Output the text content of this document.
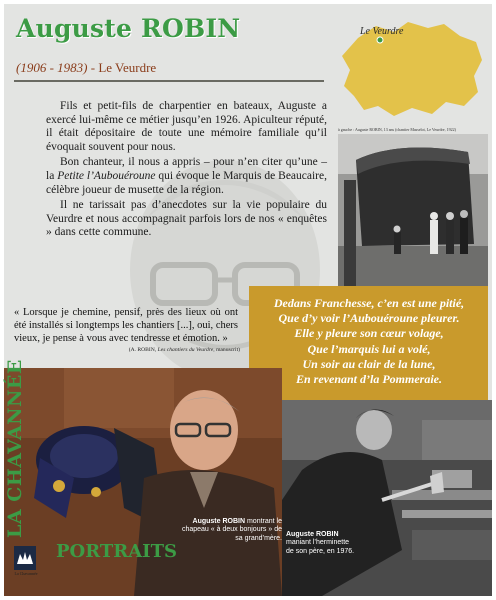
Auguste ROBIN
(1906 - 1983) - Le Veurdre
Le Veurdre

Fils et petit-fils de charpentier en bateaux, Auguste a exercé lui-même ce métier jusqu’en 1926. Apiculteur réputé, il était dépositaire de toute une mémoire familiale qu’il évoquait souvent pour nous.

Bon chanteur, il nous a appris – pour n’en citer qu’une – la Petite l’Aubouéroune qui évoque le Marquis de Beaucaire, célèbre joueur de musette de la région.

Il ne tarissait pas d’anecdotes sur la vie populaire du Veurdre et nous accompagnait parfois lors de nos « enquêtes » dans cette commune.

à gauche : Auguste ROBIN, 13 ans (chantier Masselot, Le Veurdre, 1922)
« Lorsque je chemine, pensif, près des lieux où ont été installés si longtemps les chantiers [...], oui, chers vieux, je pense à vous avec tendresse et émotion. »
(A. ROBIN, Les chantiers du Veurdre, manuscrit)
Dedans Franchesse, c’en est une pitié,
Que d’y voir l’Aubouéroune pleurer.
Elle y pleure son cœur volage,
Que l’marquis lui a volé,
Un soir au clair de la lune,
En revenant d’la Pommeraie.
LA CHAVANNÉE
PORTRAITS
La Chavannée
Auguste ROBIN montrant le chapeau « à deux bonjours » de sa grand’mère.
Auguste ROBIN maniant l’herminette de son père, en 1976.
